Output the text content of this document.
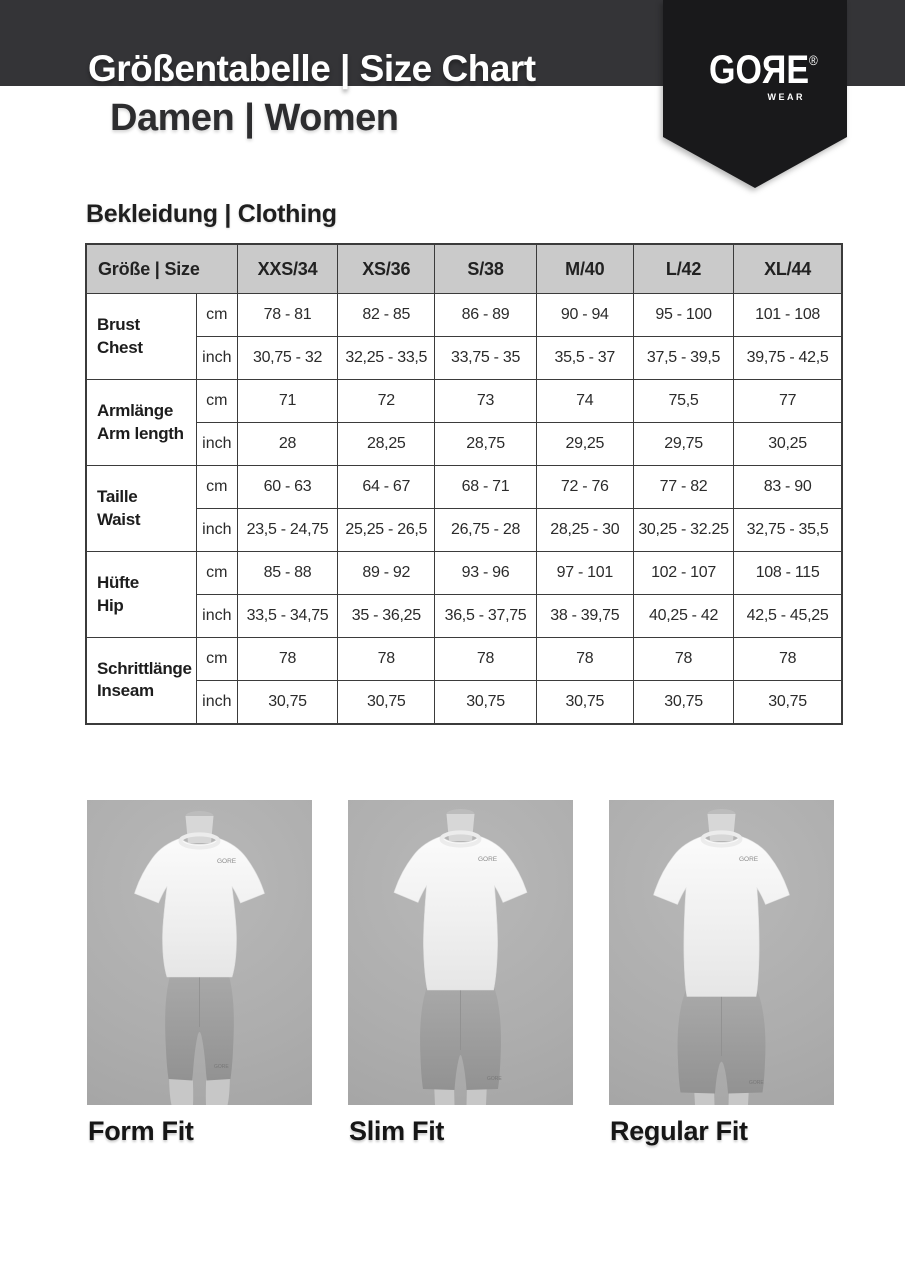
Größentabelle | Size Chart
Damen | Women
GOЯE®
WEAR
Bekleidung | Clothing
Größe | Size		XXS/34	XS/36	S/38	M/40	L/42	XL/44

Brust
Chest	cm	78 - 81	82 - 85	86 - 89	90 - 94	95 - 100	101 - 108
	inch	30,75 - 32	32,25 - 33,5	33,75 - 35	35,5 - 37	37,5 - 39,5	39,75 - 42,5

Armlänge
Arm length	cm	71	72	73	74	75,5	77
	inch	28	28,25	28,75	29,25	29,75	30,25

Taille
Waist	cm	60 - 63	64 - 67	68 - 71	72 - 76	77 - 82	83 - 90
	inch	23,5 - 24,75	25,25 - 26,5	26,75 - 28	28,25 - 30	30,25 - 32.25	32,75 - 35,5

Hüfte
Hip	cm	85 - 88	89 - 92	93 - 96	97 - 101	102 - 107	108 - 115
	inch	33,5 - 34,75	35 - 36,25	36,5 - 37,75	38 - 39,75	40,25 - 42	42,5 - 45,25

Schrittlänge
Inseam	cm	78	78	78	78	78	78
	inch	30,75	30,75	30,75	30,75	30,75	30,75
GORE
GORE
Form Fit
GORE
GORE
Slim Fit
GORE
GORE
Regular Fit
